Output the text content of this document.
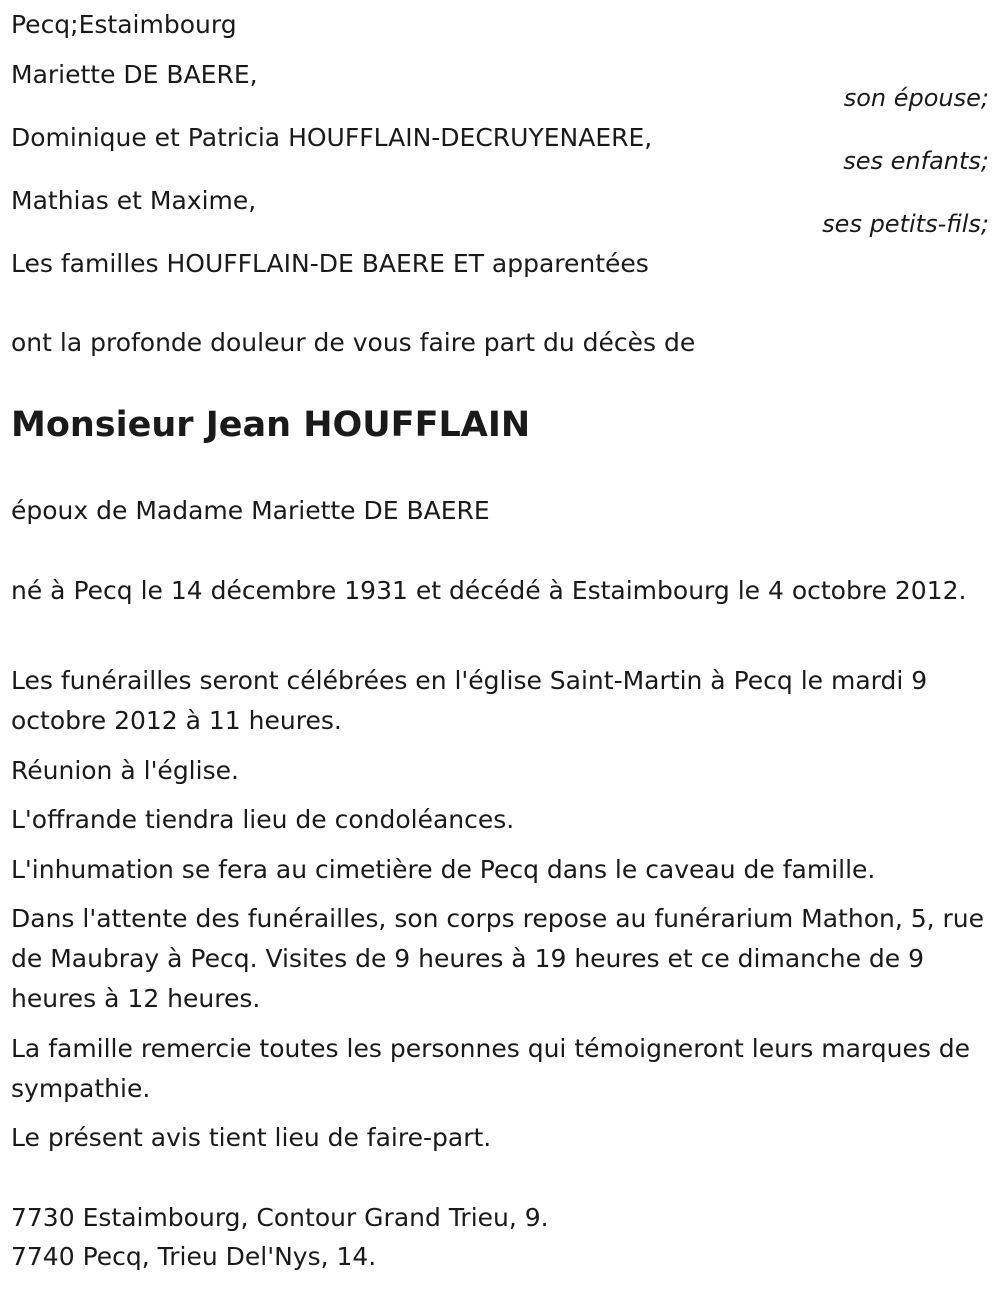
Pecq;Estaimbourg

Mariette DE BAERE,

son épouse;

Dominique et Patricia HOUFFLAIN-DECRUYENAERE,

ses enfants;

Mathias et Maxime,

ses petits-fils;

Les familles HOUFFLAIN-DE BAERE ET apparentées

ont la profonde douleur de vous faire part du décès de

Monsieur Jean HOUFFLAIN

époux de Madame Mariette DE BAERE

né à Pecq le 14 décembre 1931 et décédé à Estaimbourg le 4 octobre 2012.

Les funérailles seront célébrées en l'église Saint-Martin à Pecq le mardi 9 octobre 2012 à 11 heures.

Réunion à l'église.

L'offrande tiendra lieu de condoléances.

L'inhumation se fera au cimetière de Pecq dans le caveau de famille.

Dans l'attente des funérailles, son corps repose au funérarium Mathon, 5, rue de Maubray à Pecq. Visites de 9 heures à 19 heures et ce dimanche de 9 heures à 12 heures.

La famille remercie toutes les personnes qui témoigneront leurs marques de sympathie.

Le présent avis tient lieu de faire-part.

7730 Estaimbourg, Contour Grand Trieu, 9.

7740 Pecq, Trieu Del'Nys, 14.
